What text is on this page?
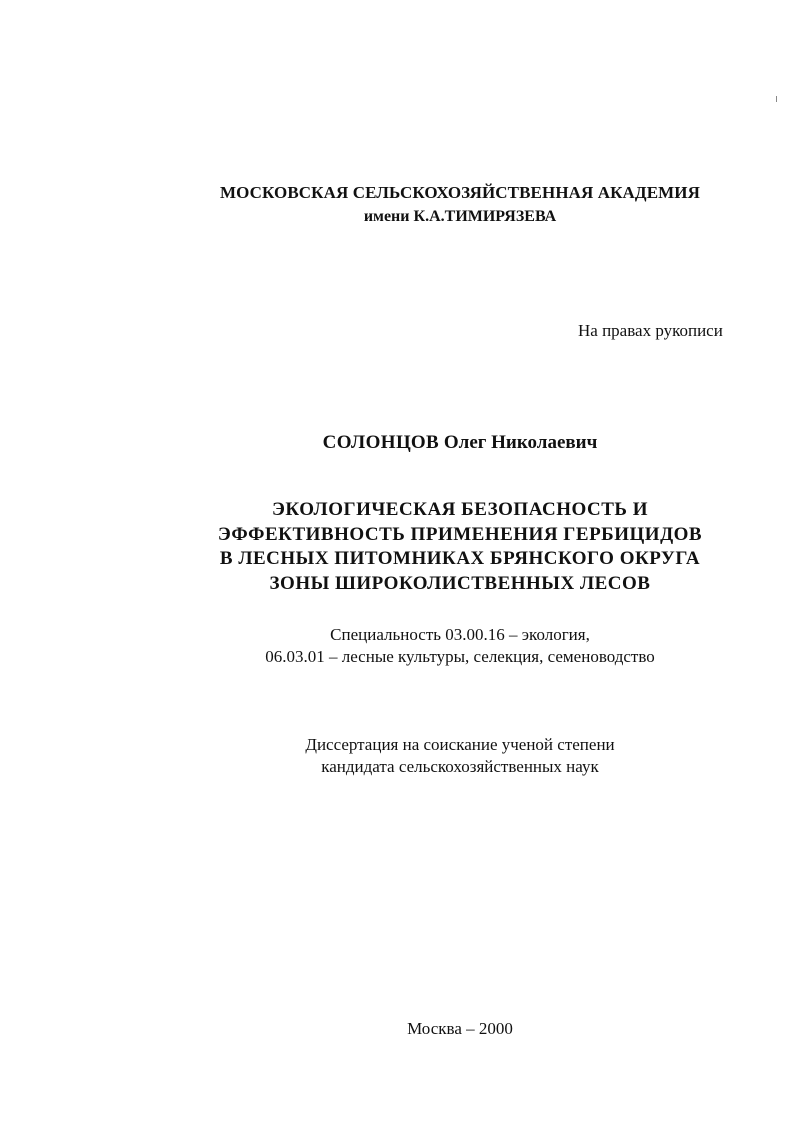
МОСКОВСКАЯ СЕЛЬСКОХОЗЯЙСТВЕННАЯ АКАДЕМИЯ
имени К.А.ТИМИРЯЗЕВА
На правах рукописи
СОЛОНЦОВ Олег Николаевич
ЭКОЛОГИЧЕСКАЯ БЕЗОПАСНОСТЬ И
ЭФФЕКТИВНОСТЬ ПРИМЕНЕНИЯ ГЕРБИЦИДОВ
В ЛЕСНЫХ ПИТОМНИКАХ БРЯНСКОГО ОКРУГА
ЗОНЫ ШИРОКОЛИСТВЕННЫХ ЛЕСОВ
Специальность 03.00.16 – экология,
06.03.01 – лесные культуры, селекция, семеноводство
Диссертация на соискание ученой степени
кандидата сельскохозяйственных наук
Москва – 2000
